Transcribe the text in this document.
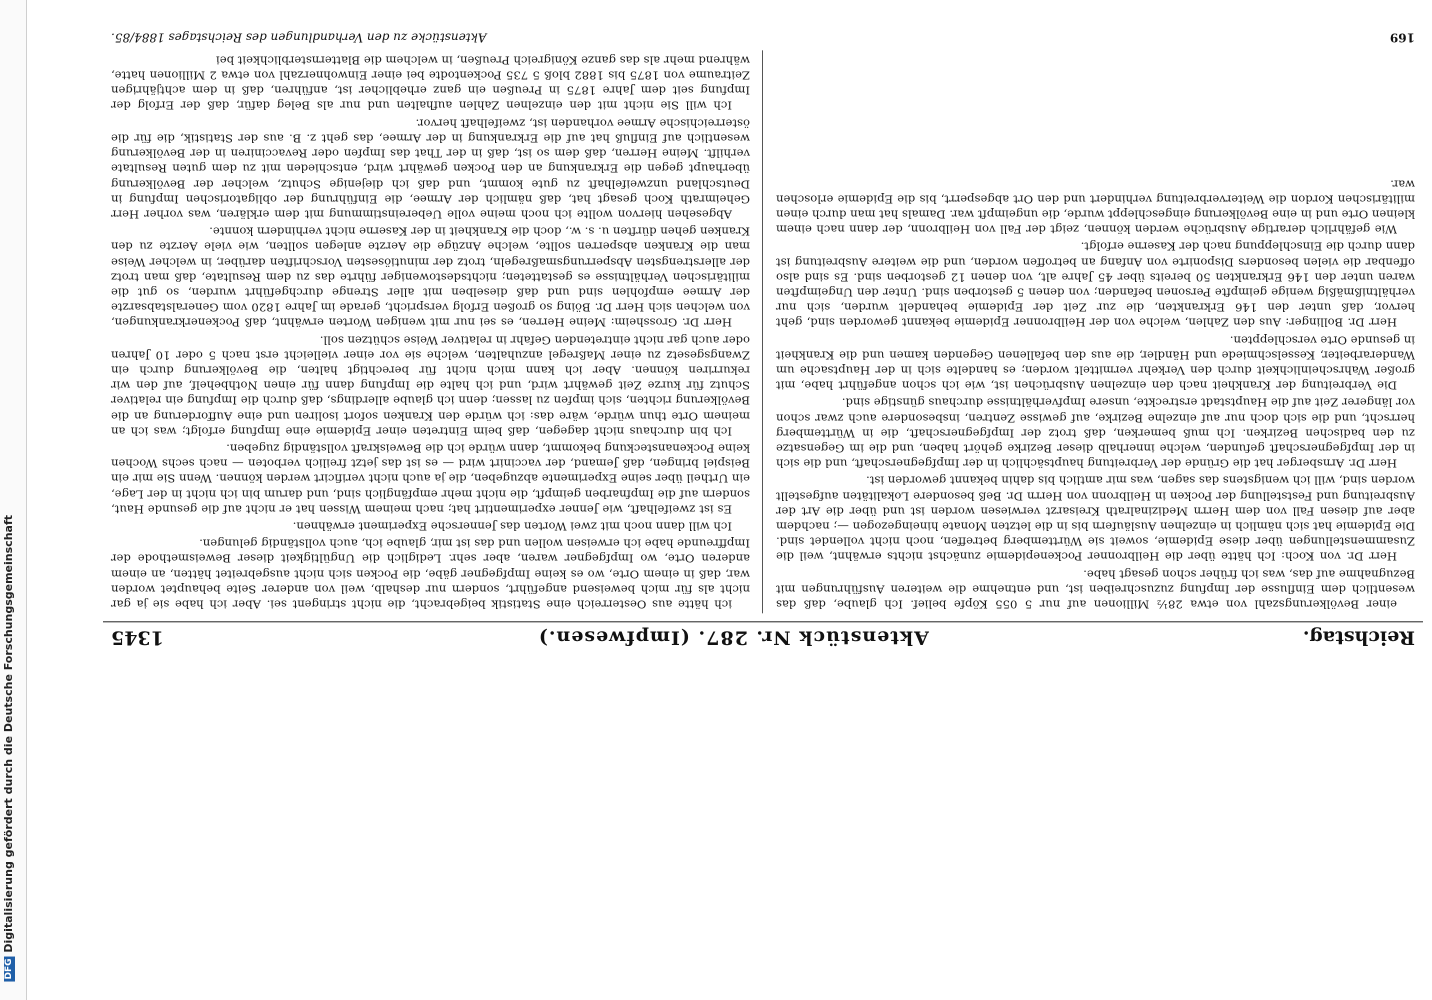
DFG Digitalisierung gefördert durch die Deutsche Forschungsgemeinschaft	Reichstag.
Aktenstück Nr. 287. (Impfwesen.)
1345

einer Bevölkerungszahl von etwa 28½ Millionen auf nur 5 055 Köpfe belief. Ich glaube, daß das wesentlich dem Einflusse der Impfung zuzuschreiben ist, und entnehme die weiteren Ausführungen mit Bezugnahme auf das, was ich früher schon gesagt habe.

Herr Dr. von Koch: Ich hätte über die Heilbronner Pockenepidemie zunächst nichts erwähnt, weil die Zusammenstellungen über diese Epidemie, soweit sie Württemberg betreffen, noch nicht vollendet sind. Die Epidemie hat sich nämlich in einzelnen Ausläufern bis in die letzten Monate hineingezogen —; nachdem aber auf diesen Fall von dem Herrn Medizinalrath Kreisarzt verwiesen worden ist und über die Art der Ausbreitung und Feststellung der Pocken in Heilbronn von Herrn Dr. Beß besondere Lokalitäten aufgestellt worden sind, will ich wenigstens das sagen, was mir amtlich bis dahin bekannt geworden ist.

Herr Dr. Arnsberger hat die Gründe der Verbreitung hauptsächlich in der Impfgegnerschaft, und die sich in der Impfgegnerschaft gefunden, welche innerhalb dieser Bezirke gehört haben, und die im Gegensatze zu den badischen Bezirken. Ich muß bemerken, daß trotz der Impfgegnerschaft, die in Württemberg herrscht, und die sich doch nur auf einzelne Bezirke, auf gewisse Zentren, insbesondere auch zwar schon vor längerer Zeit auf die Hauptstadt erstreckte, unsere Impfverhältnisse durchaus günstige sind.

Die Verbreitung der Krankheit nach den einzelnen Ausbrüchen ist, wie ich schon angeführt habe, mit großer Wahrscheinlichkeit durch den Verkehr vermittelt worden; es handelte sich in der Hauptsache um Wanderarbeiter, Kesselschmiede und Händler, die aus den befallenen Gegenden kamen und die Krankheit in gesunde Orte verschleppten.

Herr Dr. Bollinger: Aus den Zahlen, welche von der Heilbronner Epidemie bekannt geworden sind, geht hervor, daß unter den 146 Erkrankten, die zur Zeit der Epidemie behandelt wurden, sich nur verhältnißmäßig wenige geimpfte Personen befanden; von denen 5 gestorben sind. Unter den Ungeimpften waren unter den 146 Erkrankten 50 bereits über 45 Jahre alt, von denen 12 gestorben sind. Es sind also offenbar die vielen besonders Disponirte von Anfang an betroffen worden, und die weitere Ausbreitung ist dann durch die Einschleppung nach der Kaserne erfolgt.

Wie gefährlich derartige Ausbrüche werden können, zeigt der Fall von Heilbronn, der dann nach einem kleinen Orte und in eine Bevölkerung eingeschleppt wurde, die ungeimpft war. Damals hat man durch einen militärischen Kordon die Weiterverbreitung verhindert und den Ort abgesperrt, bis die Epidemie erloschen war.

ich hätte aus Oesterreich eine Statistik beigebracht, die nicht stringent sei. Aber ich habe sie ja gar nicht als für mich beweisend angeführt, sondern nur deshalb, weil von anderer Seite behauptet worden war, daß in einem Orte, wo es keine Impfgegner gäbe, die Pocken sich nicht ausgebreitet hätten, an einem anderen Orte, wo Impfgegner waren, aber sehr. Lediglich die Ungültigkeit dieser Beweismethode der Impffreunde habe ich erweisen wollen und das ist mir, glaube ich, auch vollständig gelungen.

Ich will dann noch mit zwei Worten das Jennersche Experiment erwähnen.

Es ist zweifelhaft, wie Jenner experimentirt hat; nach meinem Wissen hat er nicht auf die gesunde Haut, sondern auf die Impfnarben geimpft, die nicht mehr empfänglich sind, und darum bin ich nicht in der Lage, ein Urtheil über seine Experimente abzugeben, die ja auch nicht verificirt werden können. Wenn Sie mir ein Beispiel bringen, daß Jemand, der vaccinirt wird — es ist das jetzt freilich verboten — nach sechs Wochen keine Pockenansteckung bekommt, dann würde ich die Beweiskraft vollständig zugeben.

Ich bin durchaus nicht dagegen, daß beim Eintreten einer Epidemie eine Impfung erfolgt; was ich an meinem Orte thun würde, wäre das: ich würde den Kranken sofort isoliren und eine Aufforderung an die Bevölkerung richten, sich impfen zu lassen; denn ich glaube allerdings, daß durch die Impfung ein relativer Schutz für kurze Zeit gewährt wird, und ich halte die Impfung dann für einen Nothbehelf, auf den wir rekurriren können. Aber ich kann mich nicht für berechtigt halten, die Bevölkerung durch ein Zwangsgesetz zu einer Maßregel anzuhalten, welche sie vor einer vielleicht erst nach 5 oder 10 Jahren oder auch gar nicht eintretenden Gefahr in relativer Weise schützen soll.

Herr Dr. Grossheim: Meine Herren, es sei nur mit wenigen Worten erwähnt, daß Pockenerkrankungen, von welchen sich Herr Dr. Böing so großen Erfolg verspricht, gerade im Jahre 1820 vom Generalstabsarzte der Armee empfohlen sind und daß dieselben mit aller Strenge durchgeführt wurden, so gut die militärischen Verhältnisse es gestatteten; nichtsdestoweniger führte das zu dem Resultate, daß man trotz der allerstrengsten Absperrungsmaßregeln, trotz der minutiösesten Vorschriften darüber, in welcher Weise man die Kranken absperren sollte, welche Anzüge die Aerzte anlegen sollten, wie viele Aerzte zu den Kranken gehen dürften u. s. w., doch die Krankheit in der Kaserne nicht verhindern konnte.

Abgesehen hiervon wollte ich noch meine volle Uebereinstimmung mit dem erklären, was vorher Herr Geheimrath Koch gesagt hat, daß nämlich der Armee, die Einführung der obligatorischen Impfung in Deutschland unzweifelhaft zu gute kommt, und daß ich diejenige Schutz, welcher der Bevölkerung überhaupt gegen die Erkrankung an den Pocken gewährt wird, entschieden mit zu dem guten Resultate verhilft. Meine Herren, daß dem so ist, daß in der That das Impfen oder Revacciniren in der Bevölkerung wesentlich auf Einfluß hat auf die Erkrankung in der Armee, das geht z. B. aus der Statistik, die für die österreichische Armee vorhanden ist, zweifelhaft hervor.

Ich will Sie nicht mit den einzelnen Zahlen aufhalten und nur als Beleg dafür, daß der Erfolg der Impfung seit dem Jahre 1875 in Preußen ein ganz erheblicher ist, anführen, daß in dem achtjährigen Zeitraume von 1875 bis 1882 bloß 5 735 Pockentodte bei einer Einwohnerzahl von etwa 2 Millionen hatte, während mehr als das ganze Königreich Preußen, in welchem die Blatternsterblichkeit bei

169
Aktenstücke zu den Verhandlungen des Reichstages 1884/85.
